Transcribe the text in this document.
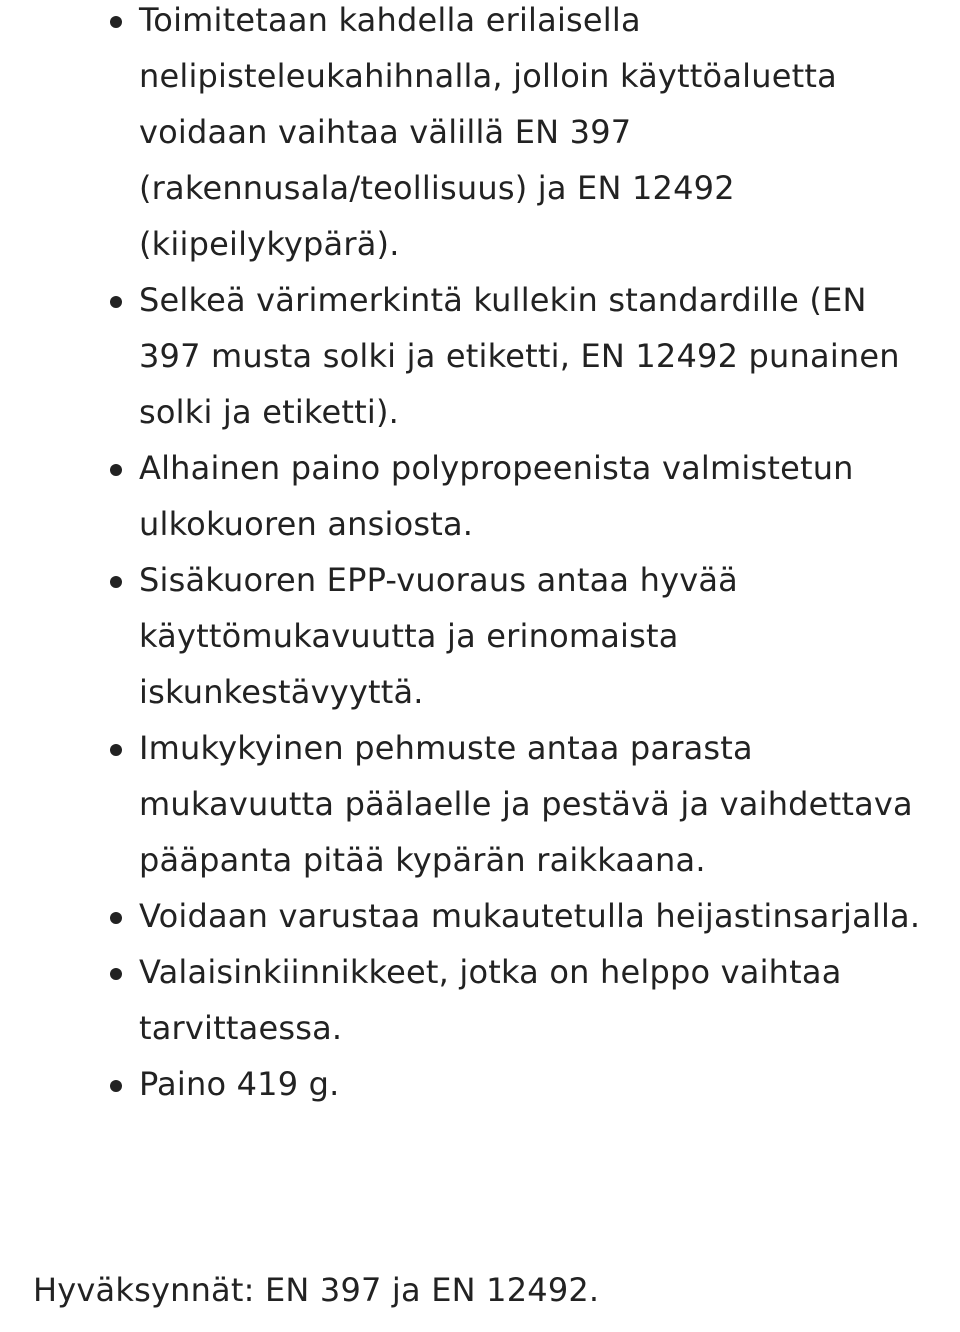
Toimitetaan kahdella erilaisella nelipisteleukahihnalla, jolloin käyttöaluetta voidaan vaihtaa välillä EN 397 (rakennusala/teollisuus) ja EN 12492 (kiipeilykypärä).
Selkeä värimerkintä kullekin standardille (EN 397 musta solki ja etiketti, EN 12492 punainen solki ja etiketti).
Alhainen paino polypropeenista valmistetun ulkokuoren ansiosta.
Sisäkuoren EPP-vuoraus antaa hyvää käyttömukavuutta ja erinomaista iskunkestävyyttä.
Imukykyinen pehmuste antaa parasta mukavuutta päälaelle ja pestävä ja vaihdettava pääpanta pitää kypärän raikkaana.
Voidaan varustaa mukautetulla heijastinsarjalla.
Valaisinkiinnikkeet, jotka on helppo vaihtaa tarvittaessa.
Paino 419 g.

Hyväksynnät: EN 397 ja EN 12492.
